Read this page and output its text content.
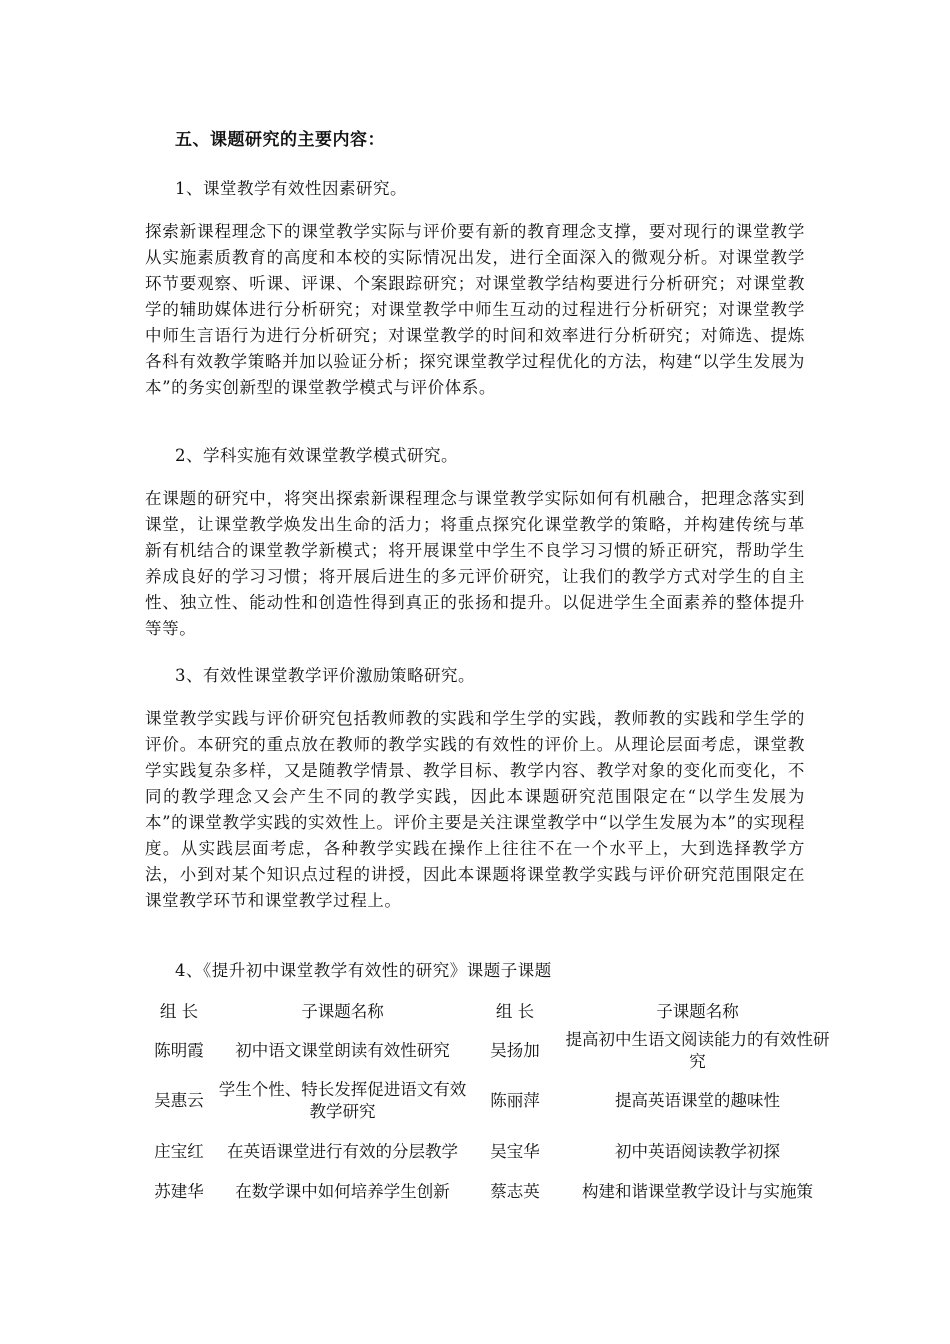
五、课题研究的主要内容：
1、课堂教学有效性因素研究。

探索新课程理念下的课堂教学实际与评价要有新的教育理念支撑，要对现行的课堂教学从实施素质教育的高度和本校的实际情况出发，进行全面深入的微观分析。对课堂教学环节要观察、听课、评课、个案跟踪研究；对课堂教学结构要进行分析研究；对课堂教学的辅助媒体进行分析研究；对课堂教学中师生互动的过程进行分析研究；对课堂教学中师生言语行为进行分析研究；对课堂教学的时间和效率进行分析研究；对筛选、提炼各科有效教学策略并加以验证分析；探究课堂教学过程优化的方法，构建“以学生发展为本”的务实创新型的课堂教学模式与评价体系。

2、学科实施有效课堂教学模式研究。

在课题的研究中，将突出探索新课程理念与课堂教学实际如何有机融合，把理念落实到课堂，让课堂教学焕发出生命的活力；将重点探究化课堂教学的策略，并构建传统与革新有机结合的课堂教学新模式；将开展课堂中学生不良学习习惯的矫正研究，帮助学生养成良好的学习习惯；将开展后进生的多元评价研究，让我们的教学方式对学生的自主性、独立性、能动性和创造性得到真正的张扬和提升。以促进学生全面素养的整体提升等等。

3、有效性课堂教学评价激励策略研究。

课堂教学实践与评价研究包括教师教的实践和学生学的实践，教师教的实践和学生学的评价。本研究的重点放在教师的教学实践的有效性的评价上。从理论层面考虑，课堂教学实践复杂多样，又是随教学情景、教学目标、教学内容、教学对象的变化而变化，不同的教学理念又会产生不同的教学实践，因此本课题研究范围限定在“以学生发展为本”的课堂教学实践的实效性上。评价主要是关注课堂教学中“以学生发展为本”的实现程度。从实践层面考虑，各种教学实践在操作上往往不在一个水平上，大到选择教学方法，小到对某个知识点过程的讲授，因此本课题将课堂教学实践与评价研究范围限定在课堂教学环节和课堂教学过程上。

4、《提升初中课堂教学有效性的研究》课题子课题
组 长	子课题名称	组 长	子课题名称
陈明霞	初中语文课堂朗读有效性研究	吴扬加	提高初中生语文阅读能力的有效性研究
吴惠云	学生个性、特长发挥促进语文有效教学研究	陈丽萍	提高英语课堂的趣味性
庄宝红	在英语课堂进行有效的分层教学	吴宝华	初中英语阅读教学初探
苏建华	在数学课中如何培养学生创新	蔡志英	构建和谐课堂教学设计与实施策
